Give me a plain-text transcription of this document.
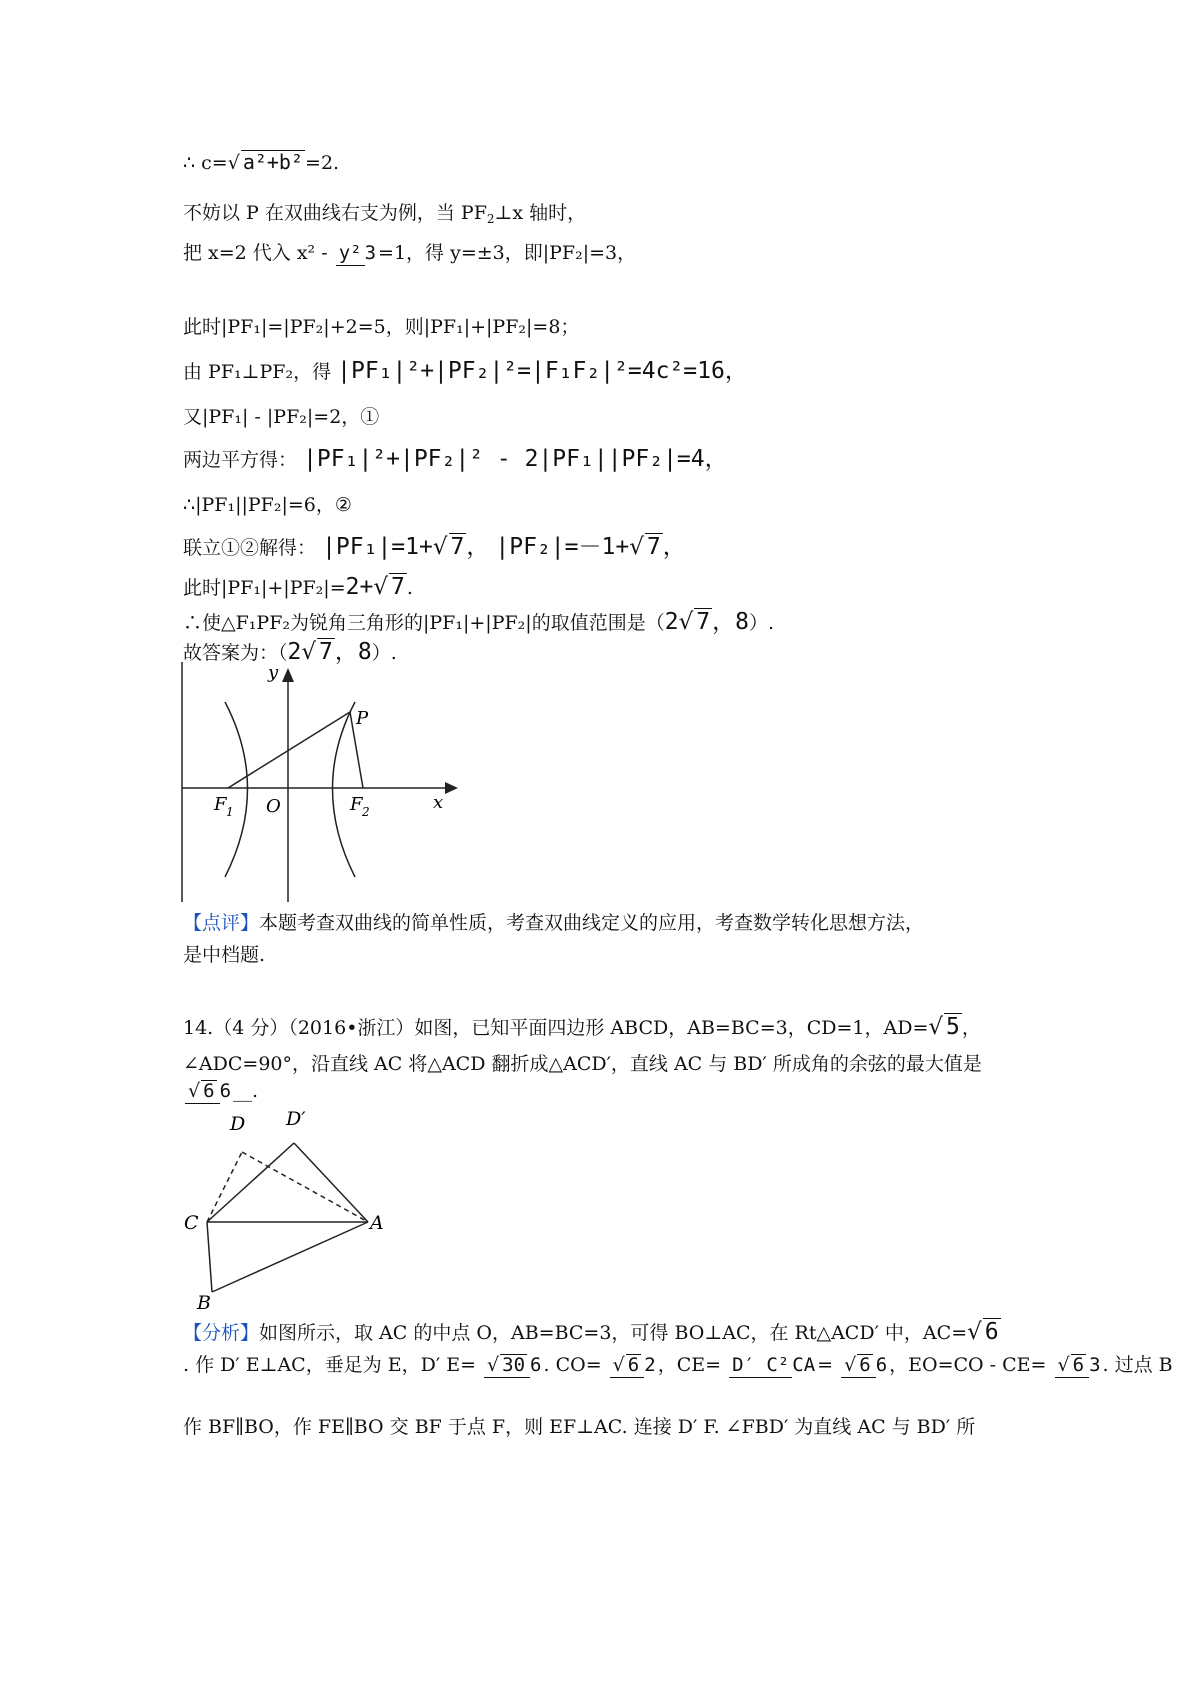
∴ c=√ a²+b² =2.
不妨以 P 在双曲线右支为例，当 PF2⊥x 轴时，
把 x=2 代入 x² - y² 3 =1，得 y=±3，即|PF₂|=3，
此时|PF₁|=|PF₂|+2=5，则|PF₁|+|PF₂|=8；
由 PF₁⊥PF₂，得 |PF₁|²+|PF₂|²=|F₁F₂|²=4c²=16，
又|PF₁| - |PF₂|=2，①
两边平方得： |PF₁|²+|PF₂|² - 2|PF₁||PF₂|=4，
∴|PF₁||PF₂|=6，②
联立①②解得： |PF₁|=1+√ 7， |PF₂|=－1+√ 7，
此时|PF₁|+|PF₂|=2+√ 7 .
∴使△F₁PF₂为锐角三角形的|PF₁|+|PF₂|的取值范围是（2√ 7，8）.
故答案为：（2√ 7，8）.
y
x
O
P
F 1	F 2
【点评】本题考查双曲线的简单性质，考查双曲线定义的应用，考查数学转化思想方法，
是中档题.
14.（4 分）（2016•浙江）如图，已知平面四边形 ABCD，AB=BC=3，CD=1，AD=√ 5 ，
∠ADC=90°，沿直线 AC 将△ACD 翻折成△ACD′，直线 AC 与 BD′ 所成角的余弦的最大值是
√ 6 6 __.
D D′
C	A
B
【分析】如图所示，取 AC 的中点 O，AB=BC=3，可得 BO⊥AC，在 Rt△ACD′ 中，AC=√ 6
. 作 D′ E⊥AC，垂足为 E，D′ E= √ 30 6 . CO= √ 6 2 ，CE= D′ C² CA = √ 6 6 ，EO=CO - CE= √ 6 3 . 过点 B
作 BF∥BO，作 FE∥BO 交 BF 于点 F，则 EF⊥AC. 连接 D′ F. ∠FBD′ 为直线 AC 与 BD′ 所
